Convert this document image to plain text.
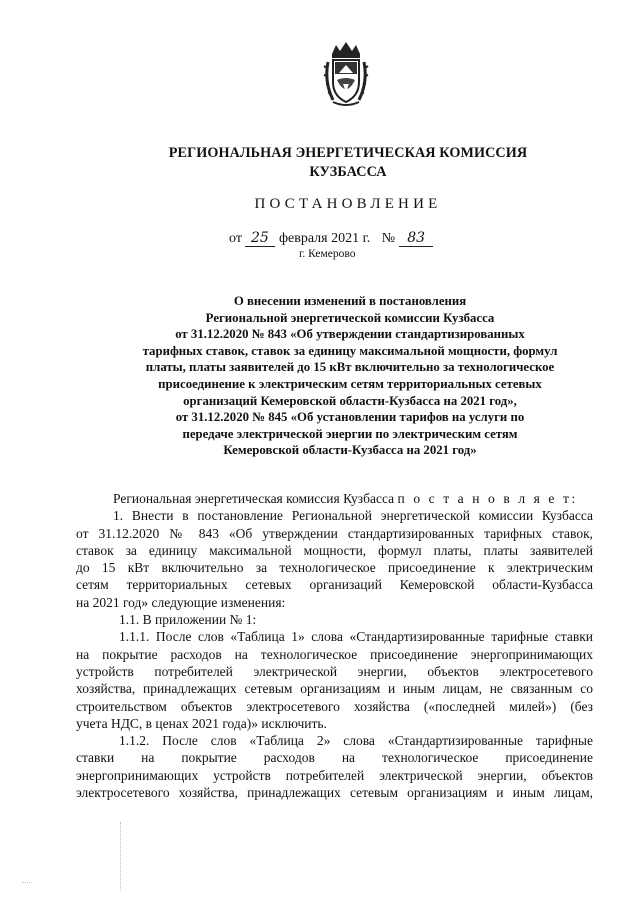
РЕГИОНАЛЬНАЯ ЭНЕРГЕТИЧЕСКАЯ КОМИССИЯ
КУЗБАССА
ПОСТАНОВЛЕНИЕ
от 25 февраля 2021 г. № 83
г. Кемерово
О внесении изменений в постановления
Региональной энергетической комиссии Кузбасса
от 31.12.2020 № 843 «Об утверждении стандартизированных
тарифных ставок, ставок за единицу максимальной мощности, формул
платы, платы заявителей до 15 кВт включительно за технологическое
присоединение к электрическим сетям территориальных сетевых
организаций Кемеровской области-Кузбасса на 2021 год»,
от 31.12.2020 № 845 «Об установлении тарифов на услуги по
передаче электрической энергии по электрическим сетям
Кемеровской области-Кузбасса на 2021 год»
Региональная энергетическая комиссия Кузбасса п о с т а н о в л я е т:
1. Внести в постановление Региональной энергетической комиссии Кузбасса
от 31.12.2020 № 843 «Об утверждении стандартизированных тарифных ставок,
ставок за единицу максимальной мощности, формул платы, платы заявителей
до 15 кВт включительно за технологическое присоединение к электрическим
сетям территориальных сетевых организаций Кемеровской области-Кузбасса
на 2021 год» следующие изменения:
1.1. В приложении № 1:
1.1.1. После слов «Таблица 1» слова «Стандартизированные тарифные ставки
на покрытие расходов на технологическое присоединение энергопринимающих
устройств потребителей электрической энергии, объектов электросетевого
хозяйства, принадлежащих сетевым организациям и иным лицам, не связанным со
строительством объектов электросетевого хозяйства («последней милей») (без
учета НДС, в ценах 2021 года)» исключить.
1.1.2. После слов «Таблица 2» слова «Стандартизированные тарифные
ставки на покрытие расходов на технологическое присоединение
энергопринимающих устройств потребителей электрической энергии, объектов
электросетевого хозяйства, принадлежащих сетевым организациям и иным лицам,
